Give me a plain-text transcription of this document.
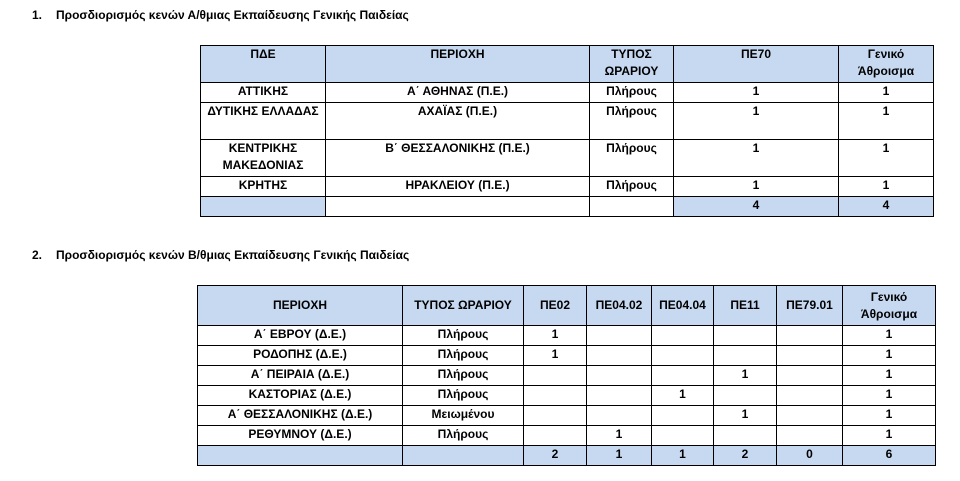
1. Προσδιορισμός κενών Α/θμιας Εκπαίδευσης Γενικής Παιδείας
ΠΔΕ	ΠΕΡΙΟΧΗ	ΤΥΠΟΣ ΩΡΑΡΙΟΥ	ΠΕ70	Γενικό Άθροισμα
ΑΤΤΙΚΗΣ	Α΄ ΑΘΗΝΑΣ (Π.Ε.)	Πλήρους	1	1
ΔΥΤΙΚΗΣ ΕΛΛΑΔΑΣ	ΑΧΑΪΑΣ (Π.Ε.)	Πλήρους	1	1
ΚΕΝΤΡΙΚΗΣ ΜΑΚΕΔΟΝΙΑΣ	Β΄ ΘΕΣΣΑΛΟΝΙΚΗΣ (Π.Ε.)	Πλήρους	1	1
ΚΡΗΤΗΣ	ΗΡΑΚΛΕΙΟΥ (Π.Ε.)	Πλήρους	1	1
			4	4
2. Προσδιορισμός κενών Β/θμιας Εκπαίδευσης Γενικής Παιδείας
ΠΕΡΙΟΧΗ	ΤΥΠΟΣ ΩΡΑΡΙΟΥ	ΠΕ02	ΠΕ04.02	ΠΕ04.04	ΠΕ11	ΠΕ79.01	Γενικό Άθροισμα
Α΄ ΕΒΡΟΥ (Δ.Ε.)	Πλήρους	1					1
ΡΟΔΟΠΗΣ (Δ.Ε.)	Πλήρους	1					1
Α΄ ΠΕΙΡΑΙΑ (Δ.Ε.)	Πλήρους				1		1
ΚΑΣΤΟΡΙΑΣ (Δ.Ε.)	Πλήρους			1			1
Α΄ ΘΕΣΣΑΛΟΝΙΚΗΣ (Δ.Ε.)	Μειωμένου				1		1
ΡΕΘΥΜΝΟΥ (Δ.Ε.)	Πλήρους		1				1
		2	1	1	2	0	6
